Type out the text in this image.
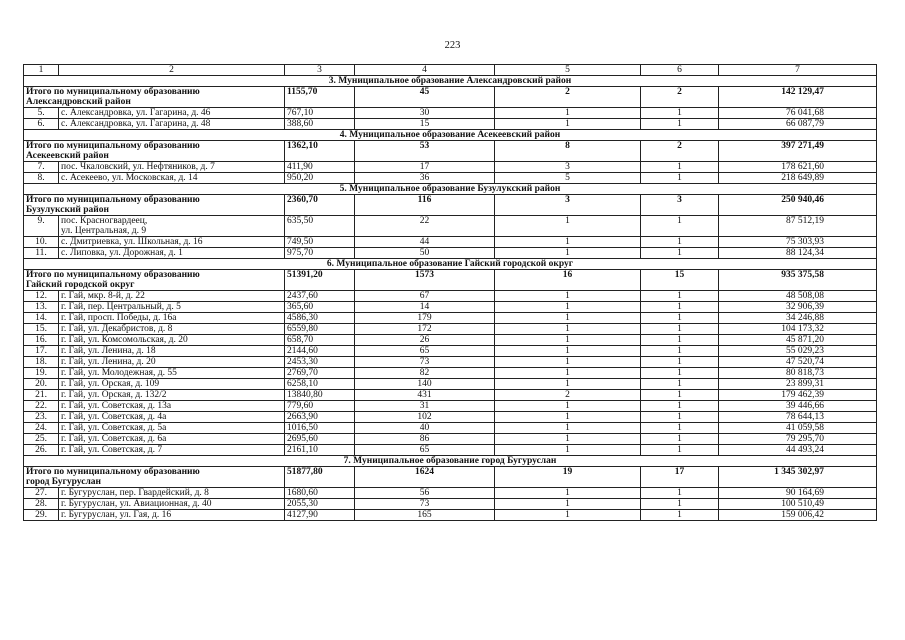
223
1	2	3	4	5	6	7
3. Муниципальное образование Александровский район						
Итого по муниципальному образованию
Александровский район		1155,70	45	2	2	142 129,47
5.	с. Александровка, ул. Гагарина, д. 46	767,10	30	1	1	76 041,68
6.	с. Александровка, ул. Гагарина, д. 48	388,60	15	1	1	66 087,79
4. Муниципальное образование Асекеевский район						
Итого по муниципальному образованию
Асекеевский район		1362,10	53	8	2	397 271,49
7.	пос. Чкаловский, ул. Нефтяников, д. 7	411,90	17	3	1	178 621,60
8.	с. Асекеево, ул. Московская, д. 14	950,20	36	5	1	218 649,89
5. Муниципальное образование Бузулукский район						
Итого по муниципальному образованию
Бузулукский район		2360,70	116	3	3	250 940,46
9.	пос. Красногвардеец,
ул. Центральная, д. 9	635,50	22	1	1	87 512,19
10.	с. Дмитриевка, ул. Школьная, д. 16	749,50	44	1	1	75 303,93
11.	с. Липовка, ул. Дорожная, д. 1	975,70	50	1	1	88 124,34
6. Муниципальное образование Гайский городской округ						
Итого по муниципальному образованию
Гайский городской округ		51391,20	1573	16	15	935 375,58
12.	г. Гай, мкр. 8-й, д. 22	2437,60	67	1	1	48 508,08
13.	г. Гай, пер. Центральный, д. 5	365,60	14	1	1	32 906,39
14.	г. Гай, просп. Победы, д. 16а	4586,30	179	1	1	34 246,88
15.	г. Гай, ул. Декабристов, д. 8	6559,80	172	1	1	104 173,32
16.	г. Гай, ул. Комсомольская, д. 20	658,70	26	1	1	45 871,20
17.	г. Гай, ул. Ленина, д. 18	2144,60	65	1	1	55 029,23
18.	г. Гай, ул. Ленина, д. 20	2453,30	73	1	1	47 520,74
19.	г. Гай, ул. Молодежная, д. 55	2769,70	82	1	1	80 818,73
20.	г. Гай, ул. Орская, д. 109	6258,10	140	1	1	23 899,31
21.	г. Гай, ул. Орская, д. 132/2	13840,80	431	2	1	179 462,39
22.	г. Гай, ул. Советская, д. 13а	779,60	31	1	1	39 446,66
23.	г. Гай, ул. Советская, д. 4а	2663,90	102	1	1	78 644,13
24.	г. Гай, ул. Советская, д. 5а	1016,50	40	1	1	41 059,58
25.	г. Гай, ул. Советская, д. 6а	2695,60	86	1	1	79 295,70
26.	г. Гай, ул. Советская, д. 7	2161,10	65	1	1	44 493,24
7. Муниципальное образование город Бугуруслан						
Итого по муниципальному образованию
город Бугуруслан		51877,80	1624	19	17	1 345 302,97
27.	г. Бугуруслан, пер. Гвардейский, д. 8	1680,60	56	1	1	90 164,69
28.	г. Бугуруслан, ул. Авиационная, д. 40	2055,30	73	1	1	100 510,49
29.	г. Бугуруслан, ул. Гая, д. 16	4127,90	165	1	1	159 006,42
